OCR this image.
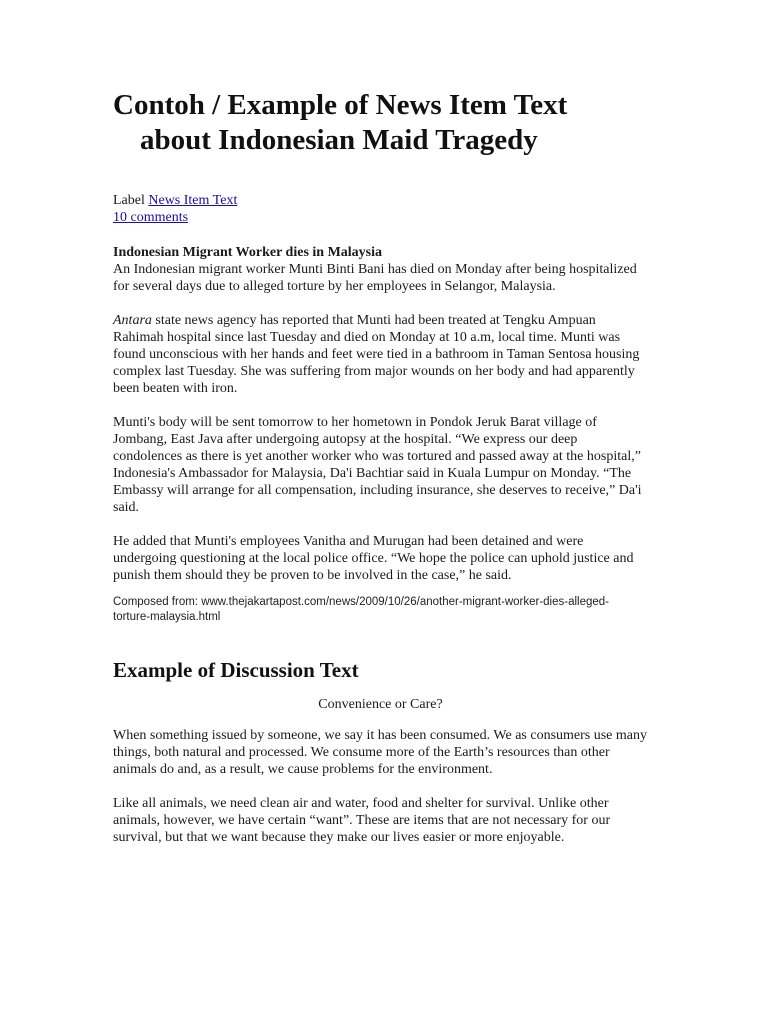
Contoh / Example of News Item Text
about Indonesian Maid Tragedy
Label News Item Text
10 comments
Indonesian Migrant Worker dies in Malaysia

An Indonesian migrant worker Munti Binti Bani has died on Monday after being hospitalized for several days due to alleged torture by her employees in Selangor, Malaysia.

Antara state news agency has reported that Munti had been treated at Tengku Ampuan Rahimah hospital since last Tuesday and died on Monday at 10 a.m, local time. Munti was found unconscious with her hands and feet were tied in a bathroom in Taman Sentosa housing complex last Tuesday. She was suffering from major wounds on her body and had apparently been beaten with iron.

Munti's body will be sent tomorrow to her hometown in Pondok Jeruk Barat village of Jombang, East Java after undergoing autopsy at the hospital. “We express our deep condolences as there is yet another worker who was tortured and passed away at the hospital,” Indonesia's Ambassador for Malaysia, Da'i Bachtiar said in Kuala Lumpur on Monday. “The Embassy will arrange for all compensation, including insurance, she deserves to receive,” Da'i said.

He added that Munti's employees Vanitha and Murugan had been detained and were undergoing questioning at the local police office. “We hope the police can uphold justice and punish them should they be proven to be involved in the case,” he said.

Composed from: www.thejakartapost.com/news/2009/10/26/another-migrant-worker-dies-alleged-torture-malaysia.html
Example of Discussion Text
Convenience or Care?

When something issued by someone, we say it has been consumed. We as consumers use many things, both natural and processed. We consume more of the Earth’s resources than other animals do and, as a result, we cause problems for the environment.

Like all animals, we need clean air and water, food and shelter for survival. Unlike other animals, however, we have certain “want”. These are items that are not necessary for our survival, but that we want because they make our lives easier or more enjoyable.
